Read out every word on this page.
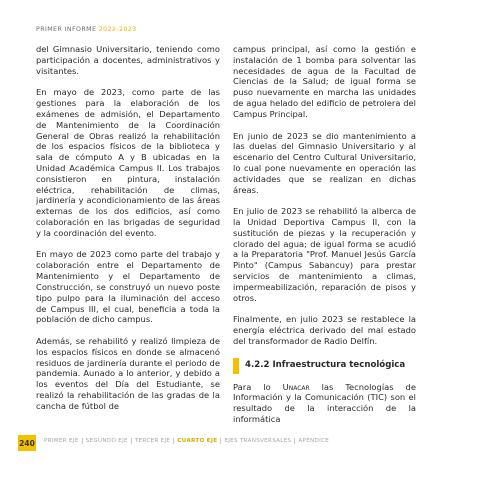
PRIMER INFORME 2022-2023

del Gimnasio Universitario, teniendo como participación a docentes, administrativos y visitantes.

En mayo de 2023, como parte de las gestiones para la elaboración de los exámenes de admisión, el Departamento de Mantenimiento de la Coordinación General de Obras realizó la rehabilitación de los espacios físicos de la biblioteca y sala de cómputo A y B ubicadas en la Unidad Académica Campus II. Los trabajos consistieron en pintura, instalación eléctrica, rehabilitación de climas, jardinería y acondicionamiento de las áreas externas de los dos edificios, así como colaboración en las brigadas de seguridad y la coordinación del evento.

En mayo de 2023 como parte del trabajo y colaboración entre el Departamento de Mantenimiento y el Departamento de Construcción, se construyó un nuevo poste tipo pulpo para la iluminación del acceso de Campus III, el cual, beneficia a toda la población de dicho campus.

Además, se rehabilitó y realizó limpieza de los espacios físicos en donde se almacenó residuos de jardinería durante el periodo de pandemia. Aunado a lo anterior, y debido a los eventos del Día del Estudiante, se realizó la rehabilitación de las gradas de la cancha de fútbol de

campus principal, así como la gestión e instalación de 1 bomba para solventar las necesidades de agua de la Facultad de Ciencias de la Salud; de igual forma se puso nuevamente en marcha las unidades de agua helado del edificio de petrolera del Campus Principal.

En junio de 2023 se dio mantenimiento a las duelas del Gimnasio Universitario y al escenario del Centro Cultural Universitario, lo cual pone nuevamente en operación las actividades que se realizan en dichas áreas.

En julio de 2023 se rehabilitó la alberca de la Unidad Deportiva Campus II, con la sustitución de piezas y la recuperación y clorado del agua; de igual forma se acudió a la Preparatoria "Prof. Manuel Jesús García Pinto" (Campus Sabancuy) para prestar servicios de mantenimiento a climas, impermeabilización, reparación de pisos y otros.

Finalmente, en julio 2023 se restablece la energía eléctrica derivado del mal estado del transformador de Radio Delfín.

4.2.2 Infraestructura tecnológica

Para lo Unacar las Tecnologías de Información y la Comunicación (TIC) son el resultado de la interacción de la informática

240 PRIMER EJE	SEGUNDO EJE	TERCER EJE	CUARTO EJE	EJES TRANSVERSALES	APÉNDICE
